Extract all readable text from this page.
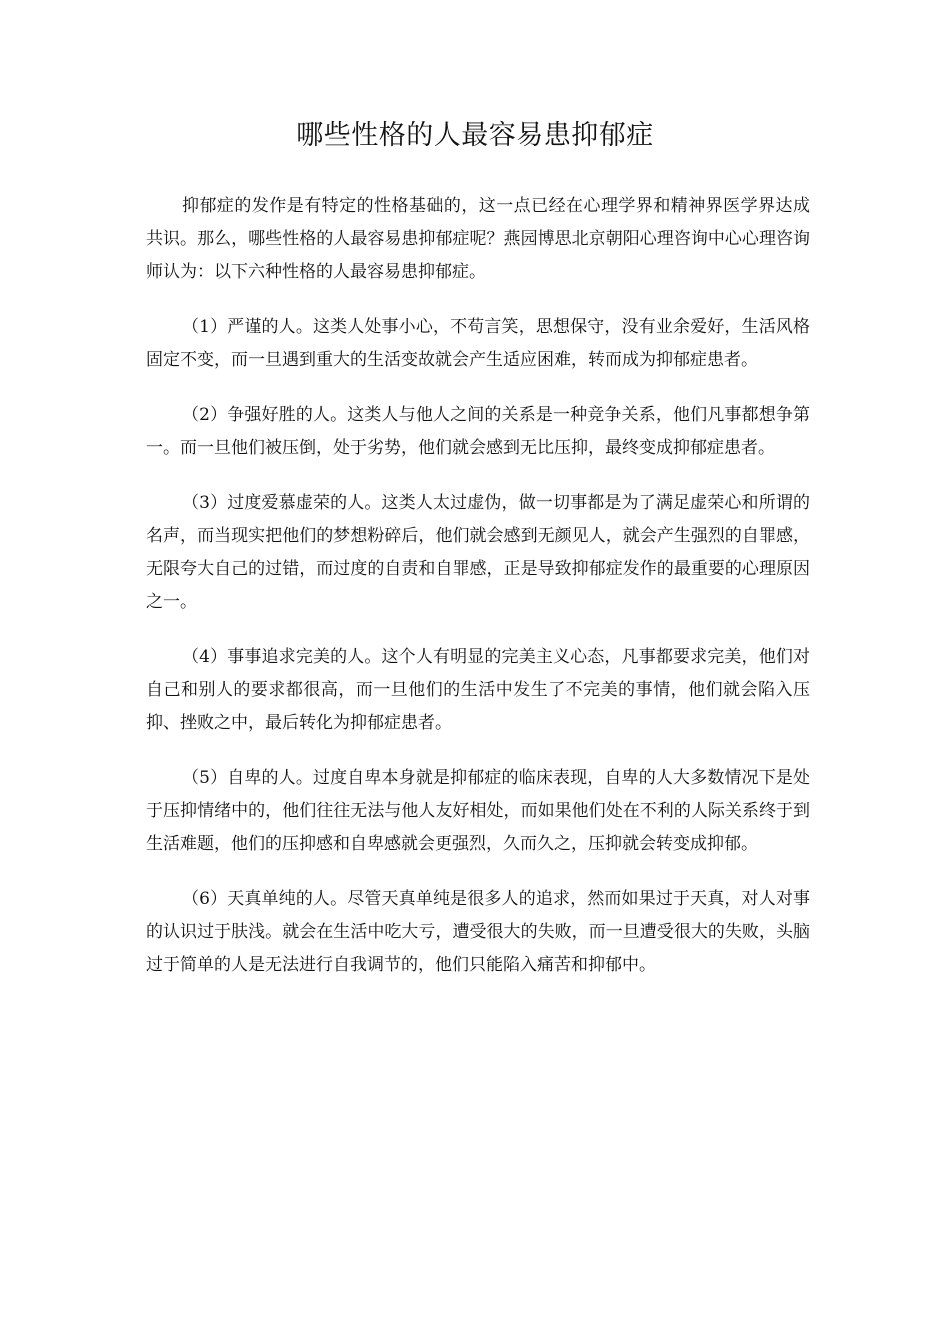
哪些性格的人最容易患抑郁症

抑郁症的发作是有特定的性格基础的，这一点已经在心理学界和精神界医学界达成共识。那么，哪些性格的人最容易患抑郁症呢？燕园博思北京朝阳心理咨询中心心理咨询师认为：以下六种性格的人最容易患抑郁症。

（1）严谨的人。这类人处事小心，不苟言笑，思想保守，没有业余爱好，生活风格固定不变，而一旦遇到重大的生活变故就会产生适应困难，转而成为抑郁症患者。

（2）争强好胜的人。这类人与他人之间的关系是一种竞争关系，他们凡事都想争第一。而一旦他们被压倒，处于劣势，他们就会感到无比压抑，最终变成抑郁症患者。

（3）过度爱慕虚荣的人。这类人太过虚伪，做一切事都是为了满足虚荣心和所谓的名声，而当现实把他们的梦想粉碎后，他们就会感到无颜见人，就会产生强烈的自罪感，无限夸大自己的过错，而过度的自责和自罪感，正是导致抑郁症发作的最重要的心理原因之一。

（4）事事追求完美的人。这个人有明显的完美主义心态，凡事都要求完美，他们对自己和别人的要求都很高，而一旦他们的生活中发生了不完美的事情，他们就会陷入压抑、挫败之中，最后转化为抑郁症患者。

（5）自卑的人。过度自卑本身就是抑郁症的临床表现，自卑的人大多数情况下是处于压抑情绪中的，他们往往无法与他人友好相处，而如果他们处在不利的人际关系终于到生活难题，他们的压抑感和自卑感就会更强烈，久而久之，压抑就会转变成抑郁。

（6）天真单纯的人。尽管天真单纯是很多人的追求，然而如果过于天真，对人对事的认识过于肤浅。就会在生活中吃大亏，遭受很大的失败，而一旦遭受很大的失败，头脑过于简单的人是无法进行自我调节的，他们只能陷入痛苦和抑郁中。
